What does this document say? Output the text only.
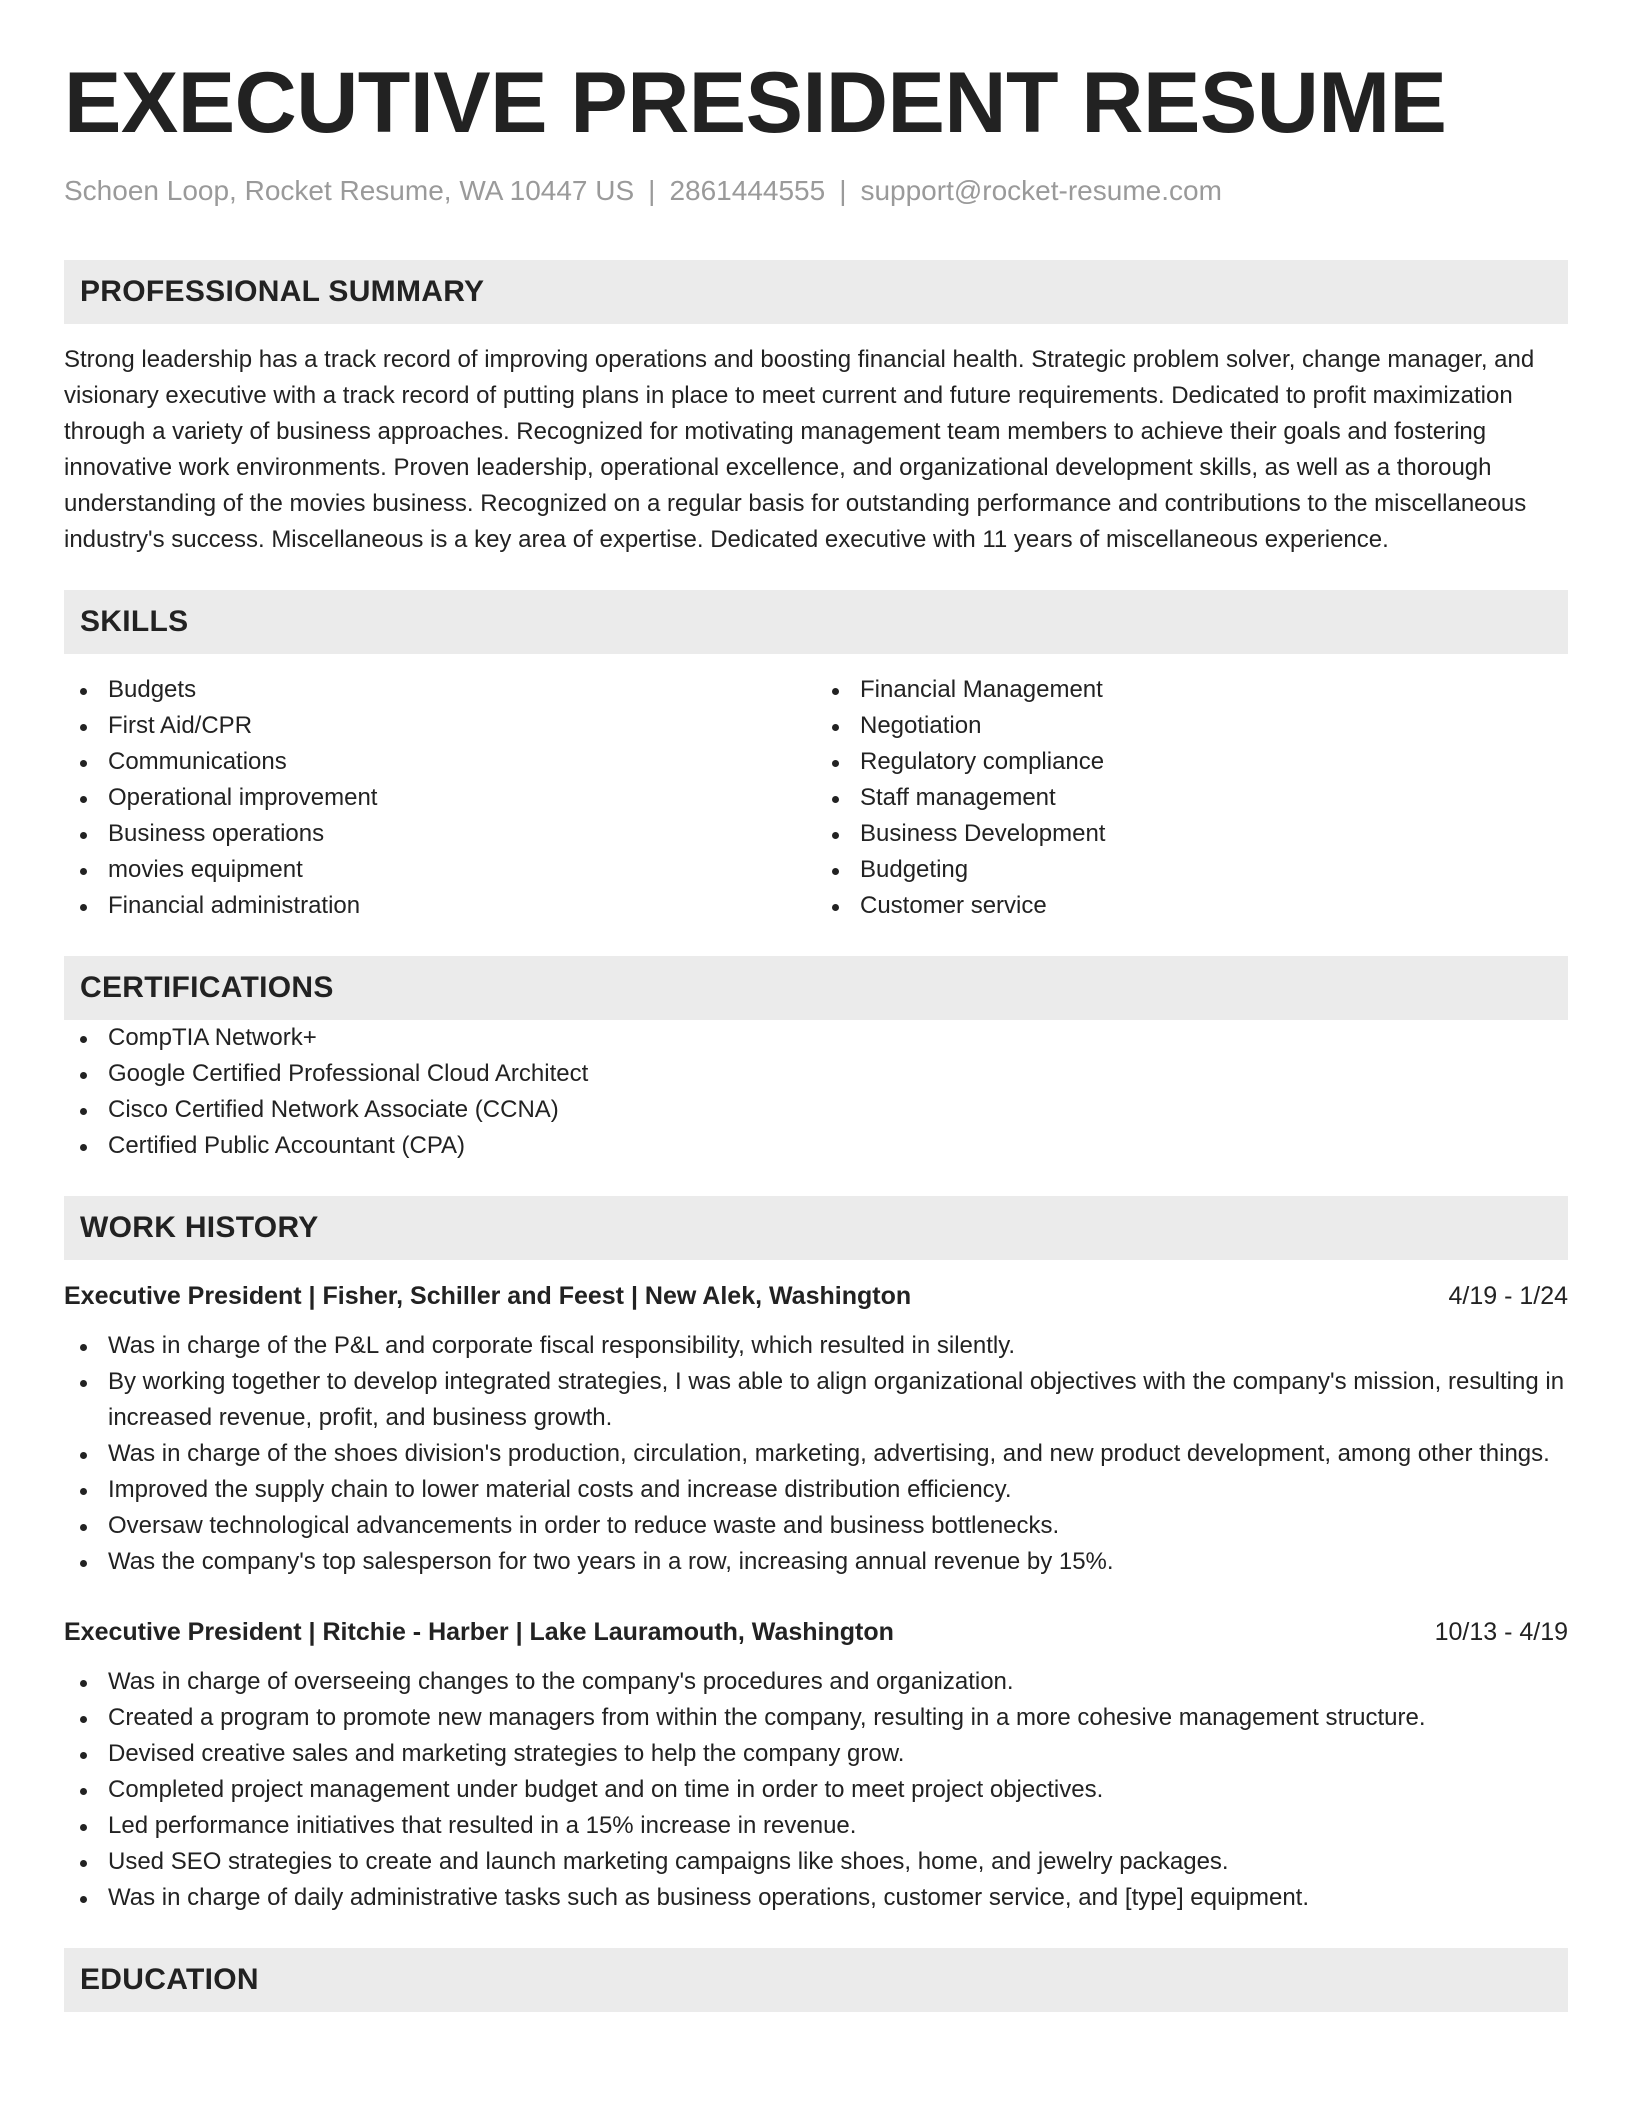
EXECUTIVE PRESIDENT RESUME
Schoen Loop, Rocket Resume, WA 10447 US | 2861444555 | support@rocket-resume.com
PROFESSIONAL SUMMARY
Strong leadership has a track record of improving operations and boosting financial health. Strategic problem solver, change manager, and visionary executive with a track record of putting plans in place to meet current and future requirements. Dedicated to profit maximization through a variety of business approaches. Recognized for motivating management team members to achieve their goals and fostering innovative work environments. Proven leadership, operational excellence, and organizational development skills, as well as a thorough understanding of the movies business. Recognized on a regular basis for outstanding performance and contributions to the miscellaneous industry's success. Miscellaneous is a key area of expertise. Dedicated executive with 11 years of miscellaneous experience.
SKILLS
Budgets
First Aid/CPR
Communications
Operational improvement
Business operations
movies equipment
Financial administration
Financial Management
Negotiation
Regulatory compliance
Staff management
Business Development
Budgeting
Customer service
CERTIFICATIONS
CompTIA Network+
Google Certified Professional Cloud Architect
Cisco Certified Network Associate (CCNA)
Certified Public Accountant (CPA)
WORK HISTORY
Executive President | Fisher, Schiller and Feest | New Alek, Washington	4/19 - 1/24
Was in charge of the P&L and corporate fiscal responsibility, which resulted in silently.
By working together to develop integrated strategies, I was able to align organizational objectives with the company's mission, resulting in increased revenue, profit, and business growth.
Was in charge of the shoes division's production, circulation, marketing, advertising, and new product development, among other things.
Improved the supply chain to lower material costs and increase distribution efficiency.
Oversaw technological advancements in order to reduce waste and business bottlenecks.
Was the company's top salesperson for two years in a row, increasing annual revenue by 15%.
Executive President | Ritchie - Harber | Lake Lauramouth, Washington	10/13 - 4/19
Was in charge of overseeing changes to the company's procedures and organization.
Created a program to promote new managers from within the company, resulting in a more cohesive management structure.
Devised creative sales and marketing strategies to help the company grow.
Completed project management under budget and on time in order to meet project objectives.
Led performance initiatives that resulted in a 15% increase in revenue.
Used SEO strategies to create and launch marketing campaigns like shoes, home, and jewelry packages.
Was in charge of daily administrative tasks such as business operations, customer service, and [type] equipment.
EDUCATION
